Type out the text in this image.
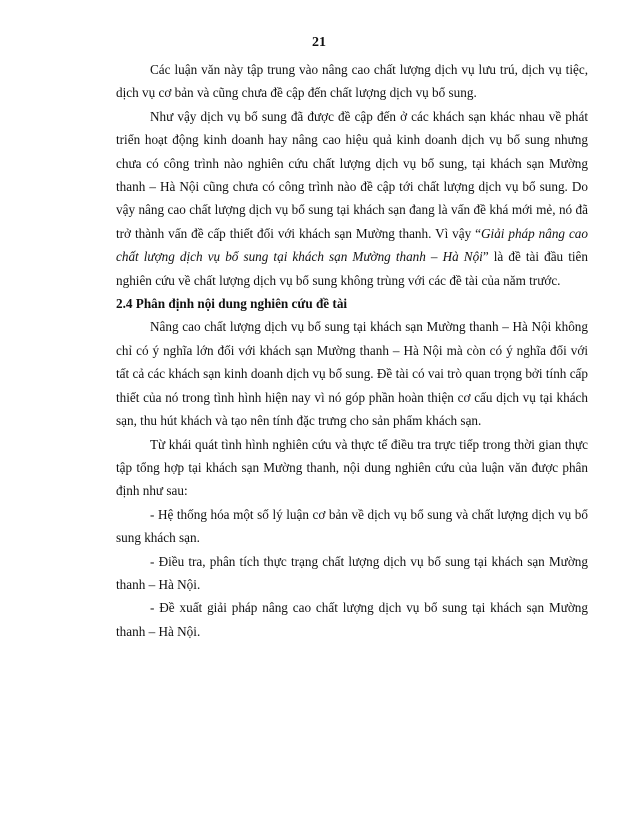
21

Các luận văn này tập trung vào nâng cao chất lượng dịch vụ lưu trú, dịch vụ tiệc, dịch vụ cơ bản và cũng chưa đề cập đến chất lượng dịch vụ bổ sung.

Như vậy dịch vụ bổ sung đã được đề cập đến ở các khách sạn khác nhau về phát triển hoạt động kinh doanh hay nâng cao hiệu quả kinh doanh dịch vụ bổ sung nhưng chưa có công trình nào nghiên cứu chất lượng dịch vụ bổ sung, tại khách sạn Mường thanh – Hà Nội cũng chưa có công trình nào đề cập tới chất lượng dịch vụ bổ sung. Do vậy nâng cao chất lượng dịch vụ bổ sung tại khách sạn đang là vấn đề khá mới mẻ, nó đã trở thành vấn đề cấp thiết đối với khách sạn Mường thanh. Vì vậy “Giải pháp nâng cao chất lượng dịch vụ bổ sung tại khách sạn Mường thanh – Hà Nội” là đề tài đầu tiên nghiên cứu về chất lượng dịch vụ bổ sung không trùng với các đề tài của năm trước.

2.4 Phân định nội dung nghiên cứu đề tài

Nâng cao chất lượng dịch vụ bổ sung tại khách sạn Mường thanh – Hà Nội không chỉ có ý nghĩa lớn đối với khách sạn Mường thanh – Hà Nội mà còn có ý nghĩa đối với tất cả các khách sạn kinh doanh dịch vụ bổ sung. Đề tài có vai trò quan trọng bởi tính cấp thiết của nó trong tình hình hiện nay vì nó góp phần hoàn thiện cơ cấu dịch vụ tại khách sạn, thu hút khách và tạo nên tính đặc trưng cho sản phẩm khách sạn.

Từ khái quát tình hình nghiên cứu và thực tế điều tra trực tiếp trong thời gian thực tập tổng hợp tại khách sạn Mường thanh, nội dung nghiên cứu của luận văn được phân định như sau:

- Hệ thống hóa một số lý luận cơ bản về dịch vụ bổ sung và chất lượng dịch vụ bổ sung khách sạn.

- Điều tra, phân tích thực trạng chất lượng dịch vụ bổ sung tại khách sạn Mường thanh – Hà Nội.

- Đề xuất giải pháp nâng cao chất lượng dịch vụ bổ sung tại khách sạn Mường thanh – Hà Nội.
